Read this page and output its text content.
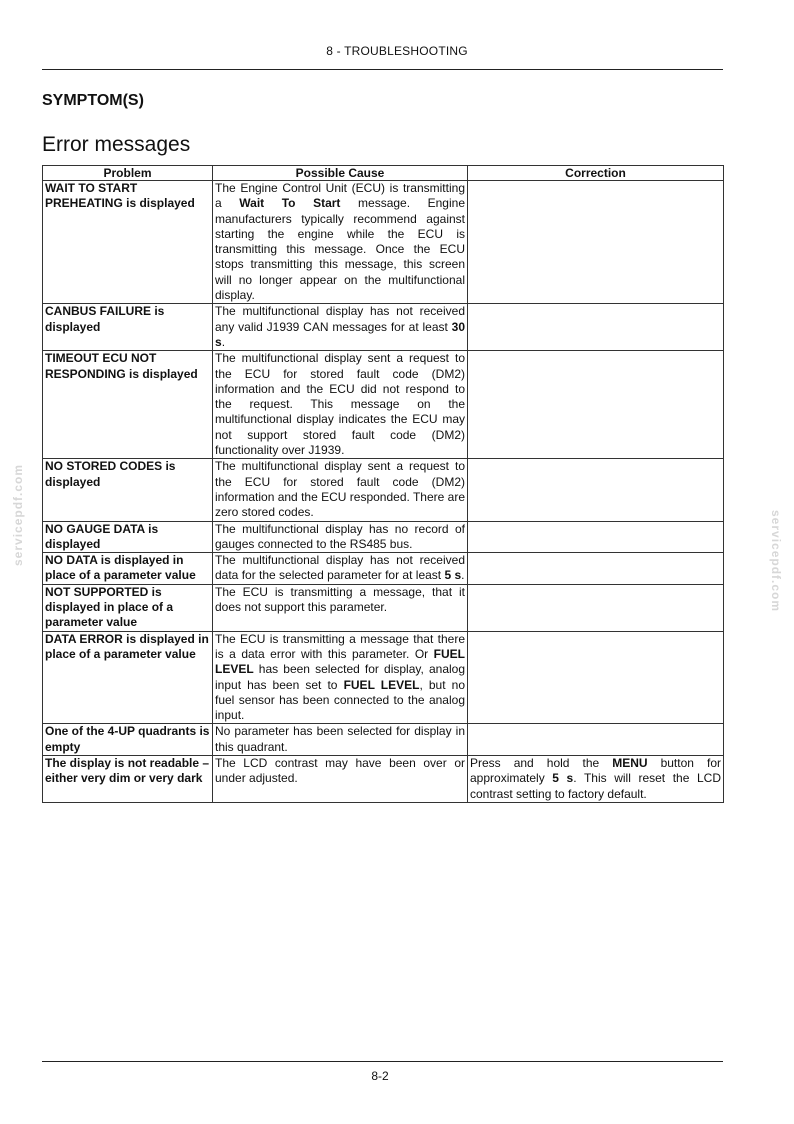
8 - TROUBLESHOOTING
SYMPTOM(S)
Error messages
Problem	Possible Cause	Correction
WAIT TO START PREHEATING is displayed	The Engine Control Unit (ECU) is transmitting a Wait To Start message. Engine manufacturers typically recommend against starting the engine while the ECU is transmitting this message. Once the ECU stops transmitting this message, this screen will no longer appear on the multifunctional display.	
CANBUS FAILURE is displayed	The multifunctional display has not received any valid J1939 CAN messages for at least 30 s.	
TIMEOUT ECU NOT RESPONDING is displayed	The multifunctional display sent a request to the ECU for stored fault code (DM2) information and the ECU did not respond to the request. This message on the multifunctional display indicates the ECU may not support stored fault code (DM2) functionality over J1939.	
NO STORED CODES is displayed	The multifunctional display sent a request to the ECU for stored fault code (DM2) information and the ECU responded. There are zero stored codes.	
NO GAUGE DATA is displayed	The multifunctional display has no record of gauges connected to the RS485 bus.	
NO DATA is displayed in place of a parameter value	The multifunctional display has not received data for the selected parameter for at least 5 s.	
NOT SUPPORTED is displayed in place of a parameter value	The ECU is transmitting a message, that it does not support this parameter.	
DATA ERROR is displayed in place of a parameter value	The ECU is transmitting a message that there is a data error with this parameter. Or FUEL LEVEL has been selected for display, analog input has been set to FUEL LEVEL, but no fuel sensor has been connected to the analog input.	
One of the 4-UP quadrants is empty	No parameter has been selected for display in this quadrant.	
The display is not readable – either very dim or very dark	The LCD contrast may have been over or under adjusted.	Press and hold the MENU button for approximately 5 s. This will reset the LCD contrast setting to factory default.
servicepdf.com	servicepdf.com
8-2
